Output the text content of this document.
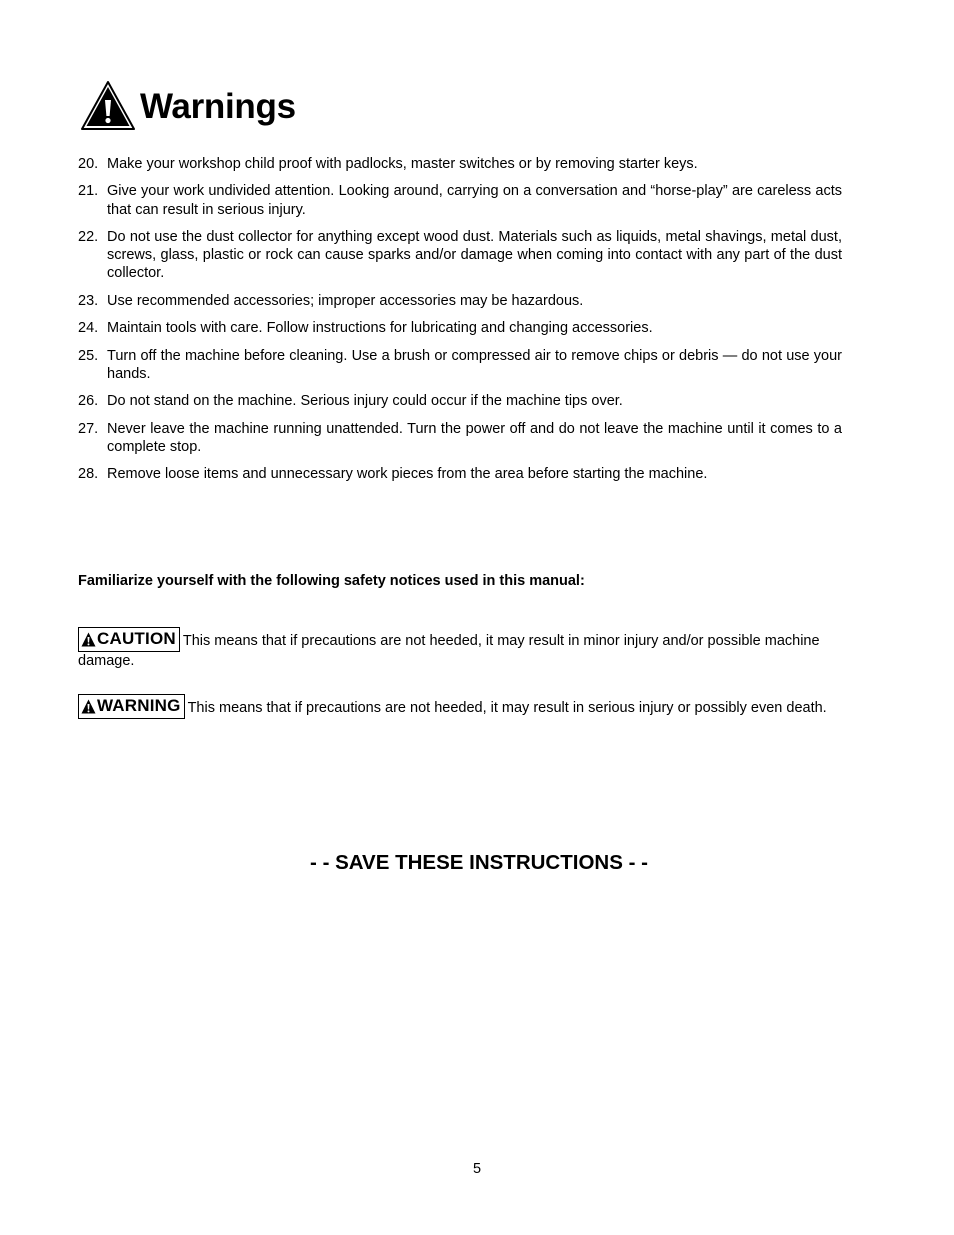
Warnings
20. Make your workshop child proof with padlocks, master switches or by removing starter keys.
21. Give your work undivided attention. Looking around, carrying on a conversation and “horse-play” are careless acts that can result in serious injury.
22. Do not use the dust collector for anything except wood dust. Materials such as liquids, metal shavings, metal dust, screws, glass, plastic or rock can cause sparks and/or damage when coming into contact with any part of the dust collector.
23. Use recommended accessories; improper accessories may be hazardous.
24. Maintain tools with care. Follow instructions for lubricating and changing accessories.
25. Turn off the machine before cleaning. Use a brush or compressed air to remove chips or debris — do not use your hands.
26. Do not stand on the machine. Serious injury could occur if the machine tips over.
27. Never leave the machine running unattended. Turn the power off and do not leave the machine until it comes to a complete stop.
28. Remove loose items and unnecessary work pieces from the area before starting the machine.
Familiarize yourself with the following safety notices used in this manual:
CAUTION This means that if precautions are not heeded, it may result in minor injury and/or possible machine damage.
WARNING This means that if precautions are not heeded, it may result in serious injury or possibly even death.
- - SAVE THESE INSTRUCTIONS - -
5
